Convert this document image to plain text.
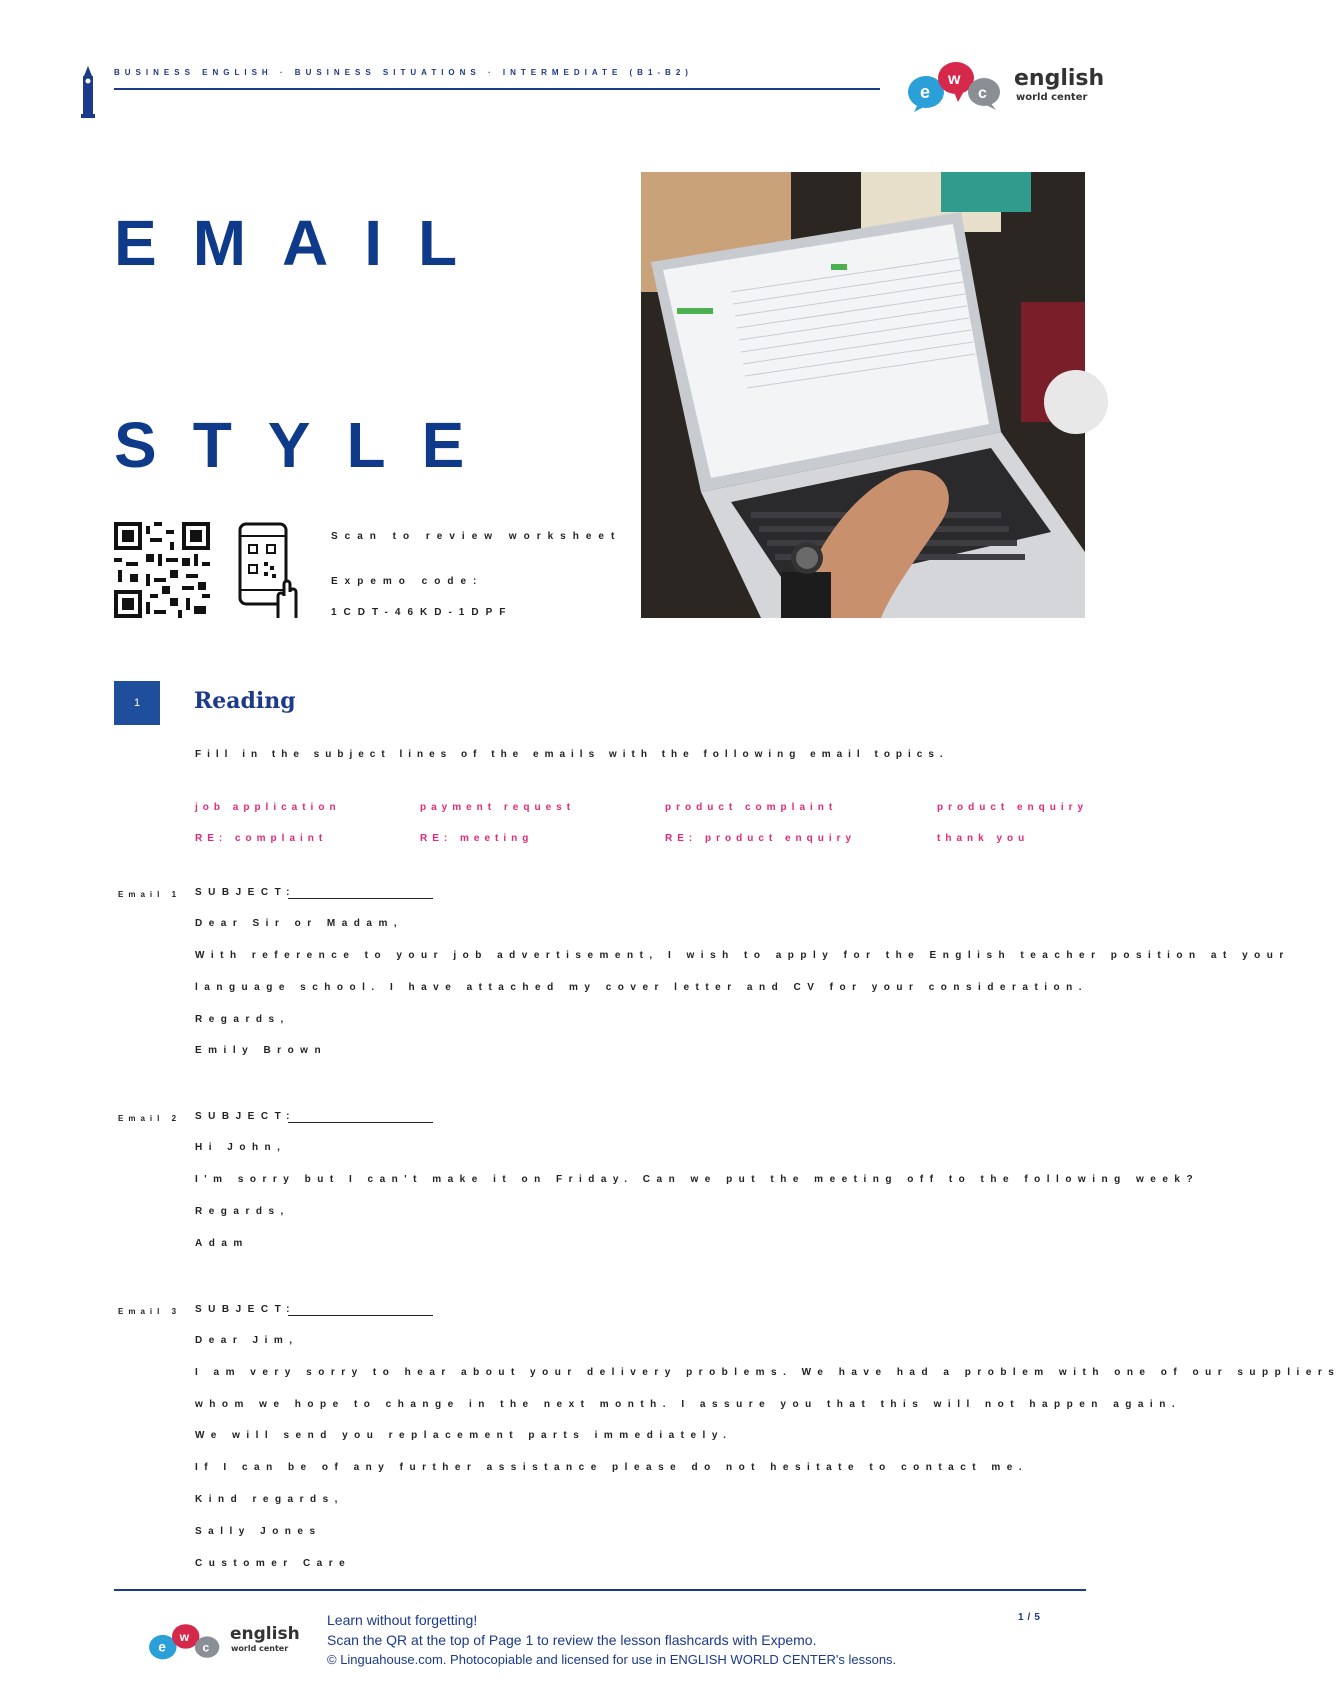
BUSINESS ENGLISH · BUSINESS SITUATIONS · INTERMEDIATE (B1-B2)
e
w
c
english
world center
EMAIL
STYLE
Scan to review worksheet
Expemo code:
1CDT-46KD-1DPF
1	Reading
Fill in the subject lines of the emails with the following email topics.
job application	payment request	product complaint	product enquiry
RE: complaint	RE: meeting	RE: product enquiry	thank you
Email 1 SUBJECT:
Dear Sir or Madam,
With reference to your job advertisement, I wish to apply for the English teacher position at your
language school. I have attached my cover letter and CV for your consideration.
Regards,
Emily Brown
Email 2 SUBJECT:
Hi John,
I'm sorry but I can't make it on Friday. Can we put the meeting off to the following week?
Regards,
Adam
Email 3 SUBJECT:
Dear Jim,
I am very sorry to hear about your delivery problems. We have had a problem with one of our suppliers
whom we hope to change in the next month. I assure you that this will not happen again.
We will send you replacement parts immediately.
If I can be of any further assistance please do not hesitate to contact me.
Kind regards,
Sally Jones
Customer Care
e
w
c
english
world center
Learn without forgetting!
Scan the QR at the top of Page 1 to review the lesson flashcards with Expemo.
© Linguahouse.com. Photocopiable and licensed for use in ENGLISH WORLD CENTER's lessons.
1/5
